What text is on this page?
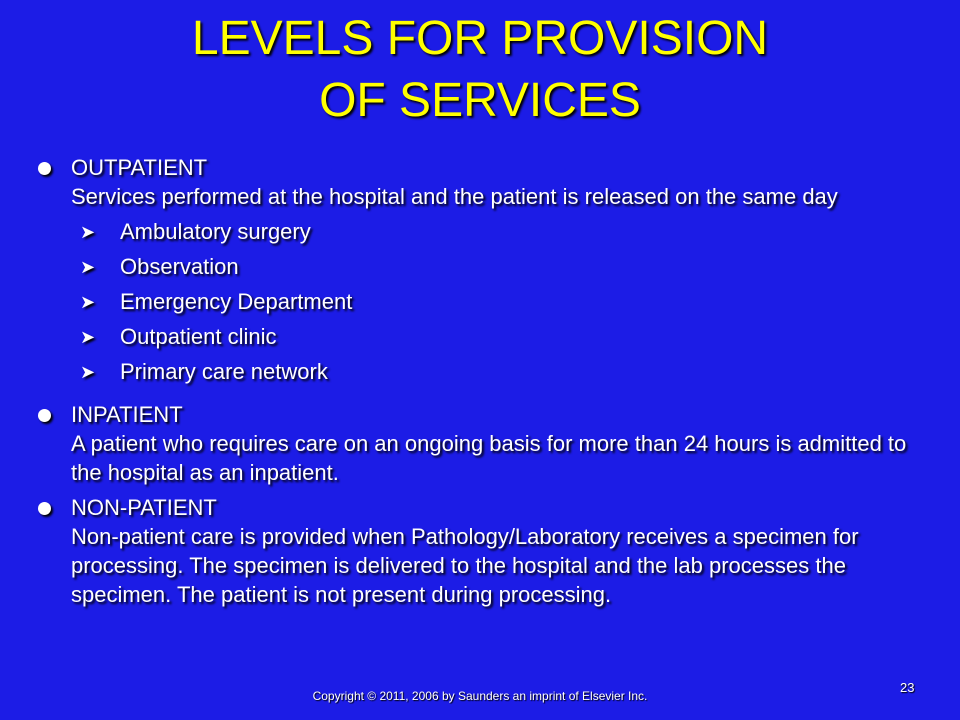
LEVELS FOR PROVISION
OF SERVICES
OUTPATIENT
Services performed at the hospital and the patient is released on the same day
➤ Ambulatory surgery
➤ Observation
➤ Emergency Department
➤ Outpatient clinic
➤ Primary care network
INPATIENT
A patient who requires care on an ongoing basis for more than 24 hours is admitted to the hospital as an inpatient.
NON-PATIENT
Non-patient care is provided when Pathology/Laboratory receives a specimen for processing. The specimen is delivered to the hospital and the lab processes the specimen. The patient is not present during processing.
Copyright © 2011, 2006 by Saunders an imprint of Elsevier Inc.
23
